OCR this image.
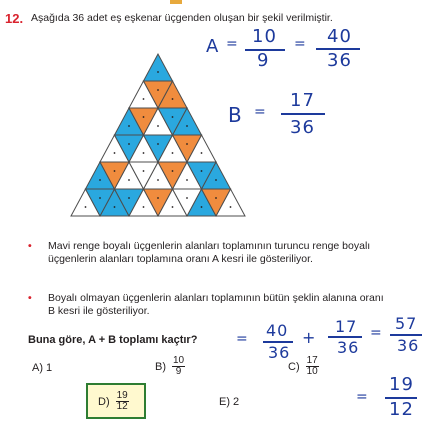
12. Aşağıda 36 adet eş eşkenar üçgenden oluşan bir şekil verilmiştir.
A = 10
9
= 40
36
B =
17
36
• Mavi renge boyalı üçgenlerin alanları toplamının turuncu renge boyalı üçgenlerin alanları toplamına oranı A kesri ile gösteriliyor.
• Boyalı olmayan üçgenlerin alanları toplamının bütün şeklin alanına oranı B kesri ile gösteriliyor.
Buna göre, A + B toplamı kaçtır?	= 40
36
+
17
36
= 57
36
A) 1	$B) \frac{10}{9}$	$C) \frac{17}{10}$
$D) \frac{19}{12}$	E) 2	=
19
12
